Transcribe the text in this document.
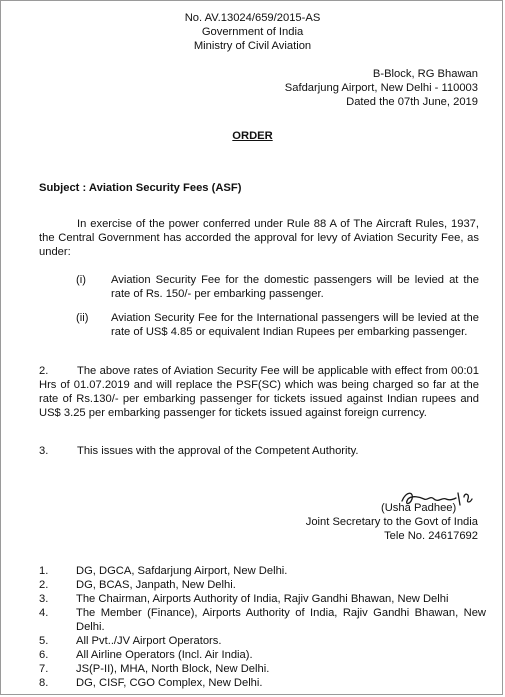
No. AV.13024/659/2015-AS
Government of India
Ministry of Civil Aviation
B-Block, RG Bhawan
Safdarjung Airport, New Delhi - 110003
Dated the 07th June, 2019
ORDER
Subject : Aviation Security Fees (ASF)
In exercise of the power conferred under Rule 88 A of The Aircraft Rules, 1937, the Central Government has accorded the approval for levy of Aviation Security Fee, as under:
(i) Aviation Security Fee for the domestic passengers will be levied at the rate of Rs. 150/- per embarking passenger.
(ii) Aviation Security Fee for the International passengers will be levied at the rate of US$ 4.85 or equivalent Indian Rupees per embarking passenger.
2.	The above rates of Aviation Security Fee will be applicable with effect from 00:01 Hrs of 01.07.2019 and will replace the PSF(SC) which was being charged so far at the rate of Rs.130/- per embarking passenger for tickets issued against Indian rupees and US$ 3.25 per embarking passenger for tickets issued against foreign currency.
3.	This issues with the approval of the Competent Authority.
(Usha Padhee)
Joint Secretary to the Govt of India
Tele No. 24617692
1. DG, DGCA, Safdarjung Airport, New Delhi.
2. DG, BCAS, Janpath, New Delhi.
3. The Chairman, Airports Authority of India, Rajiv Gandhi Bhawan, New Delhi
4. The Member (Finance), Airports Authority of India, Rajiv Gandhi Bhawan, New Delhi.
5. All Pvt../JV Airport Operators.
6. All Airline Operators (Incl. Air India).
7. JS(P-II), MHA, North Block, New Delhi.
8. DG, CISF, CGO Complex, New Delhi.
